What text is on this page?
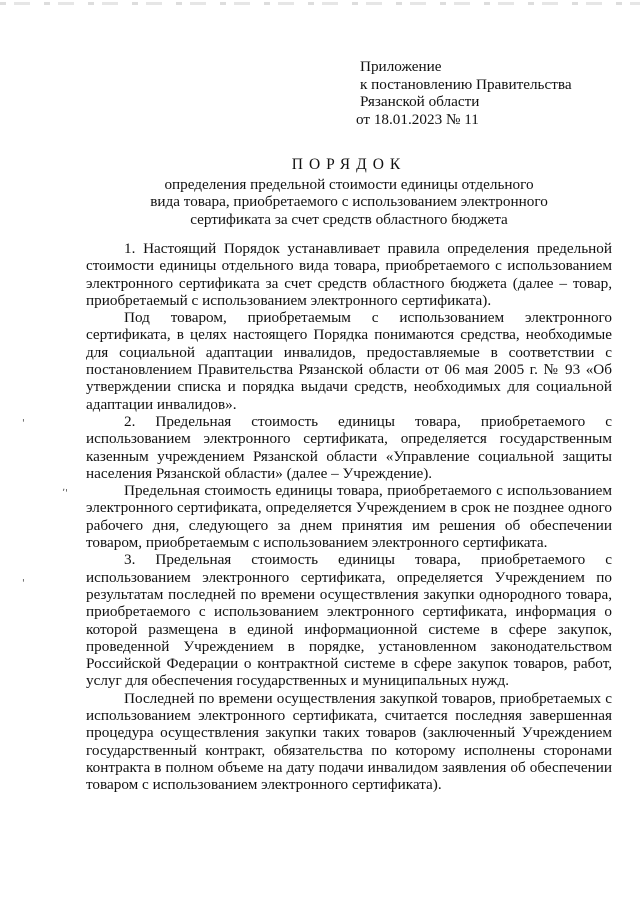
Приложение
к постановлению Правительства
Рязанской области
от 18.01.2023 № 11
ПОРЯДОК
определения предельной стоимости единицы отдельного
вида товара, приобретаемого с использованием электронного
сертификата за счет средств областного бюджета

1. Настоящий Порядок устанавливает правила определения предельной стоимости единицы отдельного вида товара, приобретаемого с использованием электронного сертификата за счет средств областного бюджета (далее – товар, приобретаемый с использованием электронного сертификата).

Под товаром, приобретаемым с использованием электронного сертификата, в целях настоящего Порядка понимаются средства, необходимые для социальной адаптации инвалидов, предоставляемые в соответствии с постановлением Правительства Рязанской области от 06 мая 2005 г. № 93 «Об утверждении списка и порядка выдачи средств, необходимых для социальной адаптации инвалидов».

2. Предельная стоимость единицы товара, приобретаемого с использованием электронного сертификата, определяется государственным казенным учреждением Рязанской области «Управление социальной защиты населения Рязанской области» (далее – Учреждение).

Предельная стоимость единицы товара, приобретаемого с использованием электронного сертификата, определяется Учреждением в срок не позднее одного рабочего дня, следующего за днем принятия им решения об обеспечении товаром, приобретаемым с использованием электронного сертификата.

3. Предельная стоимость единицы товара, приобретаемого с использованием электронного сертификата, определяется Учреждением по результатам последней по времени осуществления закупки однородного товара, приобретаемого с использованием электронного сертификата, информация о которой размещена в единой информационной системе в сфере закупок, проведенной Учреждением в порядке, установленном законодательством Российской Федерации о контрактной системе в сфере закупок товаров, работ, услуг для обеспечения государственных и муниципальных нужд.

Последней по времени осуществления закупкой товаров, приобретаемых с использованием электронного сертификата, считается последняя завершенная процедура осуществления закупки таких товаров (заключенный Учреждением государственный контракт, обязательства по которому исполнены сторонами контракта в полном объеме на дату подачи инвалидом заявления об обеспечении товаром с использованием электронного сертификата).

'
ʼ'
'
